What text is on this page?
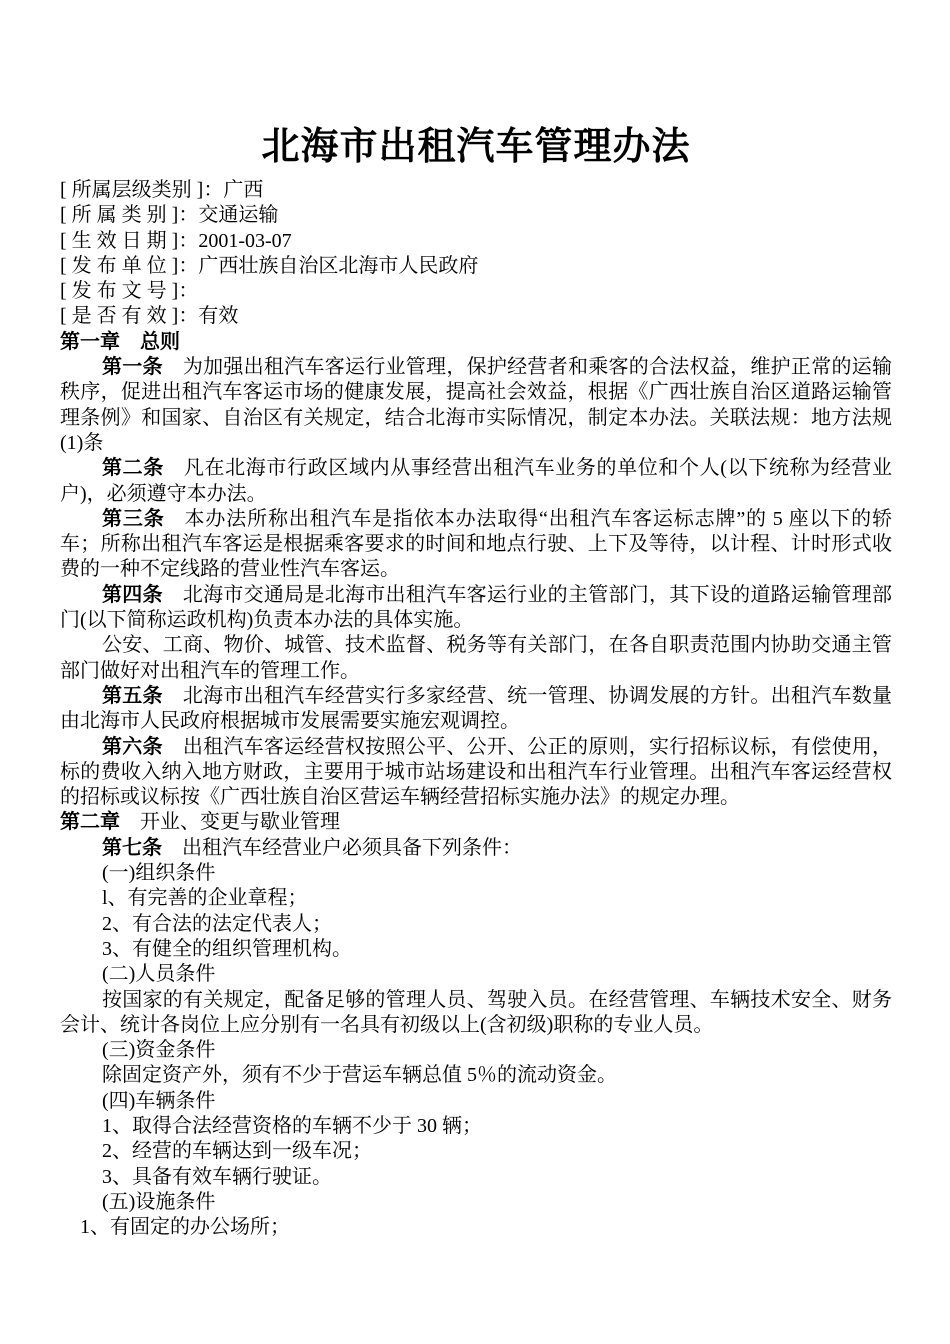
北海市出租汽车管理办法

[ 所属层级类别 ]：广西

[ 所 属 类 别 ]：交通运输

[ 生 效 日 期 ]：2001-03-07

[ 发 布 单 位 ]：广西壮族自治区北海市人民政府

[ 发 布 文 号 ]：

[ 是 否 有 效 ]：有效

第一章 总则

第一条 为加强出租汽车客运行业管理，保护经营者和乘客的合法权益，维护正常的运输秩序，促进出租汽车客运市场的健康发展，提高社会效益，根据《广西壮族自治区道路运输管理条例》和国家、自治区有关规定，结合北海市实际情况，制定本办法。关联法规：地方法规(1)条

第二条 凡在北海市行政区域内从事经营出租汽车业务的单位和个人(以下统称为经营业户)，必须遵守本办法。

第三条 本办法所称出租汽车是指依本办法取得“出租汽车客运标志牌”的 5 座以下的轿车；所称出租汽车客运是根据乘客要求的时间和地点行驶、上下及等待，以计程、计时形式收费的一种不定线路的营业性汽车客运。

第四条 北海市交通局是北海市出租汽车客运行业的主管部门，其下设的道路运输管理部门(以下简称运政机构)负责本办法的具体实施。

公安、工商、物价、城管、技术监督、税务等有关部门，在各自职责范围内协助交通主管部门做好对出租汽车的管理工作。

第五条 北海市出租汽车经营实行多家经营、统一管理、协调发展的方针。出租汽车数量由北海市人民政府根据城市发展需要实施宏观调控。

第六条 出租汽车客运经营权按照公平、公开、公正的原则，实行招标议标，有偿使用，标的费收入纳入地方财政，主要用于城市站场建设和出租汽车行业管理。出租汽车客运经营权的招标或议标按《广西壮族自治区营运车辆经营招标实施办法》的规定办理。

第二章 开业、变更与歇业管理

第七条 出租汽车经营业户必须具备下列条件：

(一)组织条件

l、有完善的企业章程；

2、有合法的法定代表人；

3、有健全的组织管理机构。

(二)人员条件

按国家的有关规定，配备足够的管理人员、驾驶入员。在经营管理、车辆技术安全、财务会计、统计各岗位上应分别有一名具有初级以上(含初级)职称的专业人员。

(三)资金条件

除固定资产外，须有不少于营运车辆总值 5％的流动资金。

(四)车辆条件

1、取得合法经营资格的车辆不少于 30 辆；

2、经营的车辆达到一级车况；

3、具备有效车辆行驶证。

(五)设施条件

1、有固定的办公场所；
